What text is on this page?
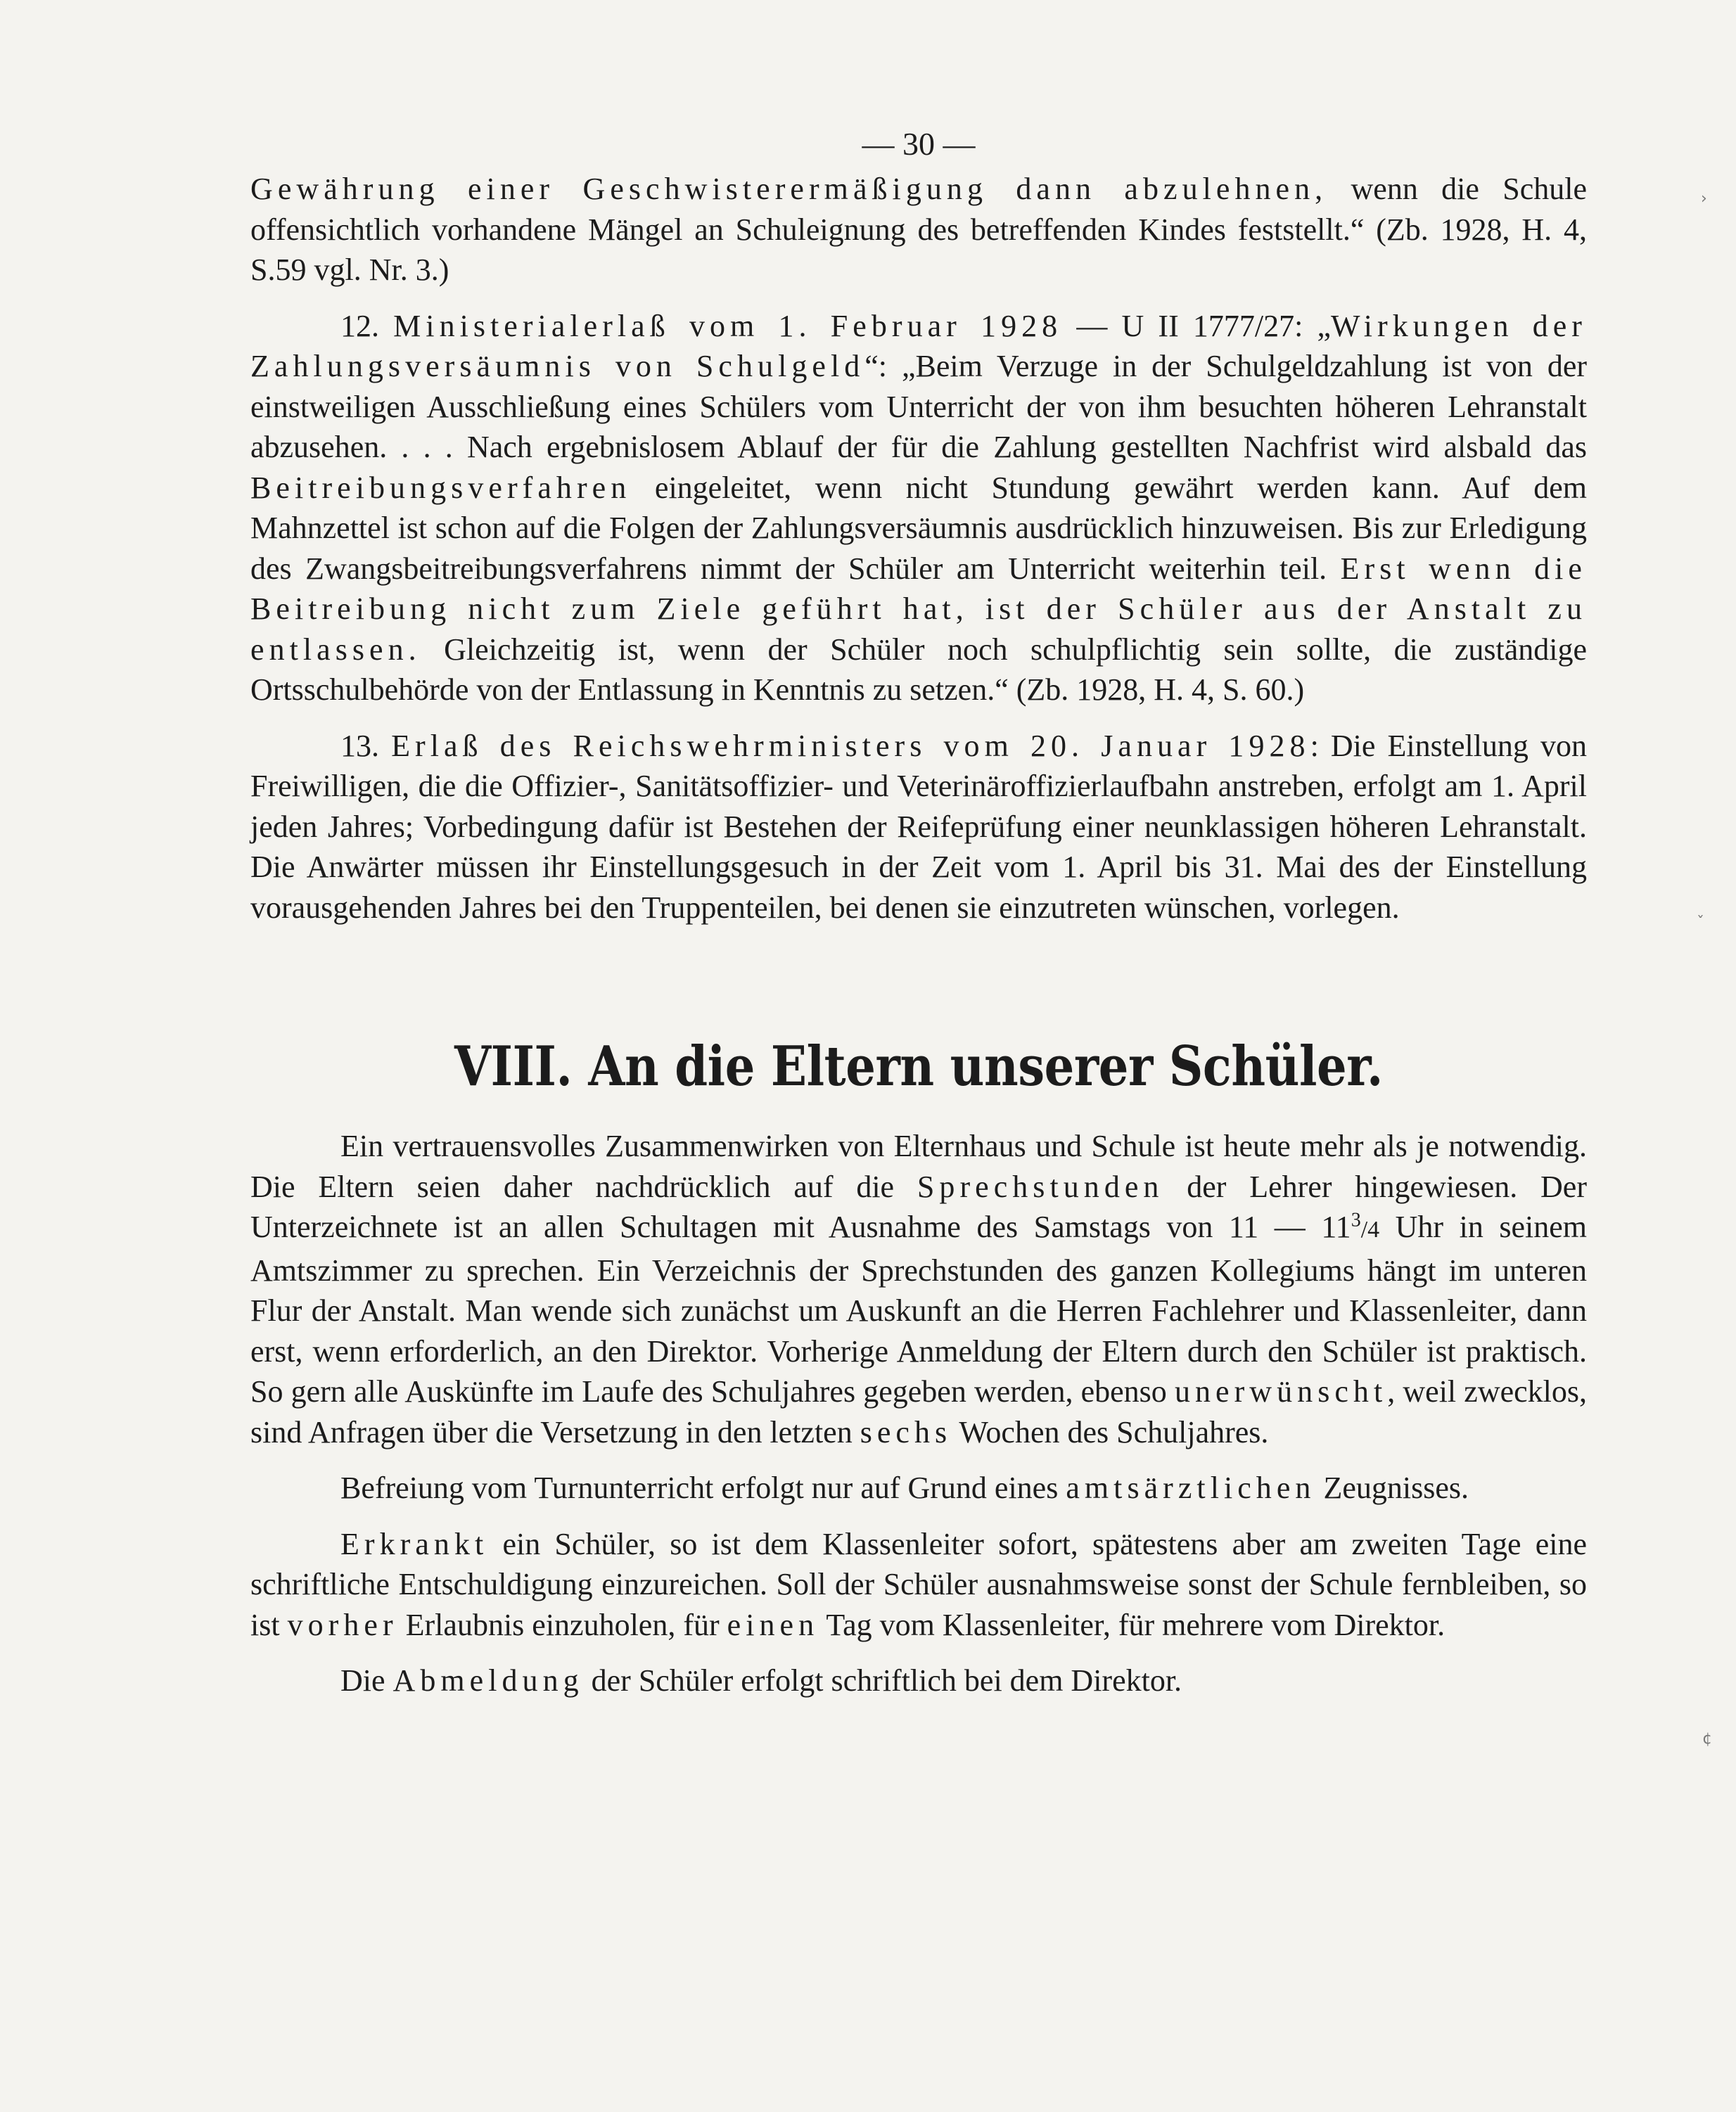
›
ˇ
¢
— 30 —

Gewährung einer Geschwisterermäßigung dann abzulehnen, wenn die Schule offensichtlich vorhandene Mängel an Schuleignung des betreffenden Kindes feststellt.“ (Zb. 1928, H. 4, S.59 vgl. Nr. 3.)

12. Ministerialerlaß vom 1. Februar 1928 — U II 1777/27: „Wirkungen der Zahlungsversäumnis von Schulgeld“: „Beim Verzuge in der Schulgeldzahlung ist von der einstweiligen Ausschließung eines Schülers vom Unterricht der von ihm besuchten höheren Lehranstalt abzusehen. . . . Nach ergebnislosem Ablauf der für die Zahlung gestellten Nachfrist wird alsbald das Beitreibungsverfahren eingeleitet, wenn nicht Stundung gewährt werden kann. Auf dem Mahnzettel ist schon auf die Folgen der Zahlungsversäumnis ausdrücklich hinzuweisen. Bis zur Erledigung des Zwangsbeitreibungsverfahrens nimmt der Schüler am Unterricht weiterhin teil. Erst wenn die Beitreibung nicht zum Ziele geführt hat, ist der Schüler aus der Anstalt zu entlassen. Gleichzeitig ist, wenn der Schüler noch schulpflichtig sein sollte, die zuständige Ortsschulbehörde von der Entlassung in Kenntnis zu setzen.“ (Zb. 1928, H. 4, S. 60.)

13. Erlaß des Reichswehrministers vom 20. Januar 1928: Die Einstellung von Freiwilligen, die die Offizier-, Sanitätsoffizier- und Veterinäroffizierlaufbahn anstreben, erfolgt am 1. April jeden Jahres; Vorbedingung dafür ist Bestehen der Reifeprüfung einer neunklassigen höheren Lehranstalt. Die Anwärter müssen ihr Einstellungsgesuch in der Zeit vom 1. April bis 31. Mai des der Einstellung vorausgehenden Jahres bei den Truppenteilen, bei denen sie einzutreten wünschen, vorlegen.

VIII. An die Eltern unserer Schüler.

Ein vertrauensvolles Zusammenwirken von Elternhaus und Schule ist heute mehr als je notwendig. Die Eltern seien daher nachdrücklich auf die Sprechstunden der Lehrer hingewiesen. Der Unterzeichnete ist an allen Schultagen mit Ausnahme des Samstags von 11 — $11^3/4$ Uhr in seinem Amtszimmer zu sprechen. Ein Verzeichnis der Sprechstunden des ganzen Kollegiums hängt im unteren Flur der Anstalt. Man wende sich zunächst um Auskunft an die Herren Fachlehrer und Klassenleiter, dann erst, wenn erforderlich, an den Direktor. Vorherige Anmeldung der Eltern durch den Schüler ist praktisch. So gern alle Auskünfte im Laufe des Schuljahres gegeben werden, ebenso unerwünscht, weil zwecklos, sind Anfragen über die Versetzung in den letzten sechs Wochen des Schuljahres.

Befreiung vom Turnunterricht erfolgt nur auf Grund eines amtsärztlichen Zeugnisses.

Erkrankt ein Schüler, so ist dem Klassenleiter sofort, spätestens aber am zweiten Tage eine schriftliche Entschuldigung einzureichen. Soll der Schüler ausnahmsweise sonst der Schule fernbleiben, so ist vorher Erlaubnis einzuholen, für einen Tag vom Klassenleiter, für mehrere vom Direktor.

Die Abmeldung der Schüler erfolgt schriftlich bei dem Direktor.
